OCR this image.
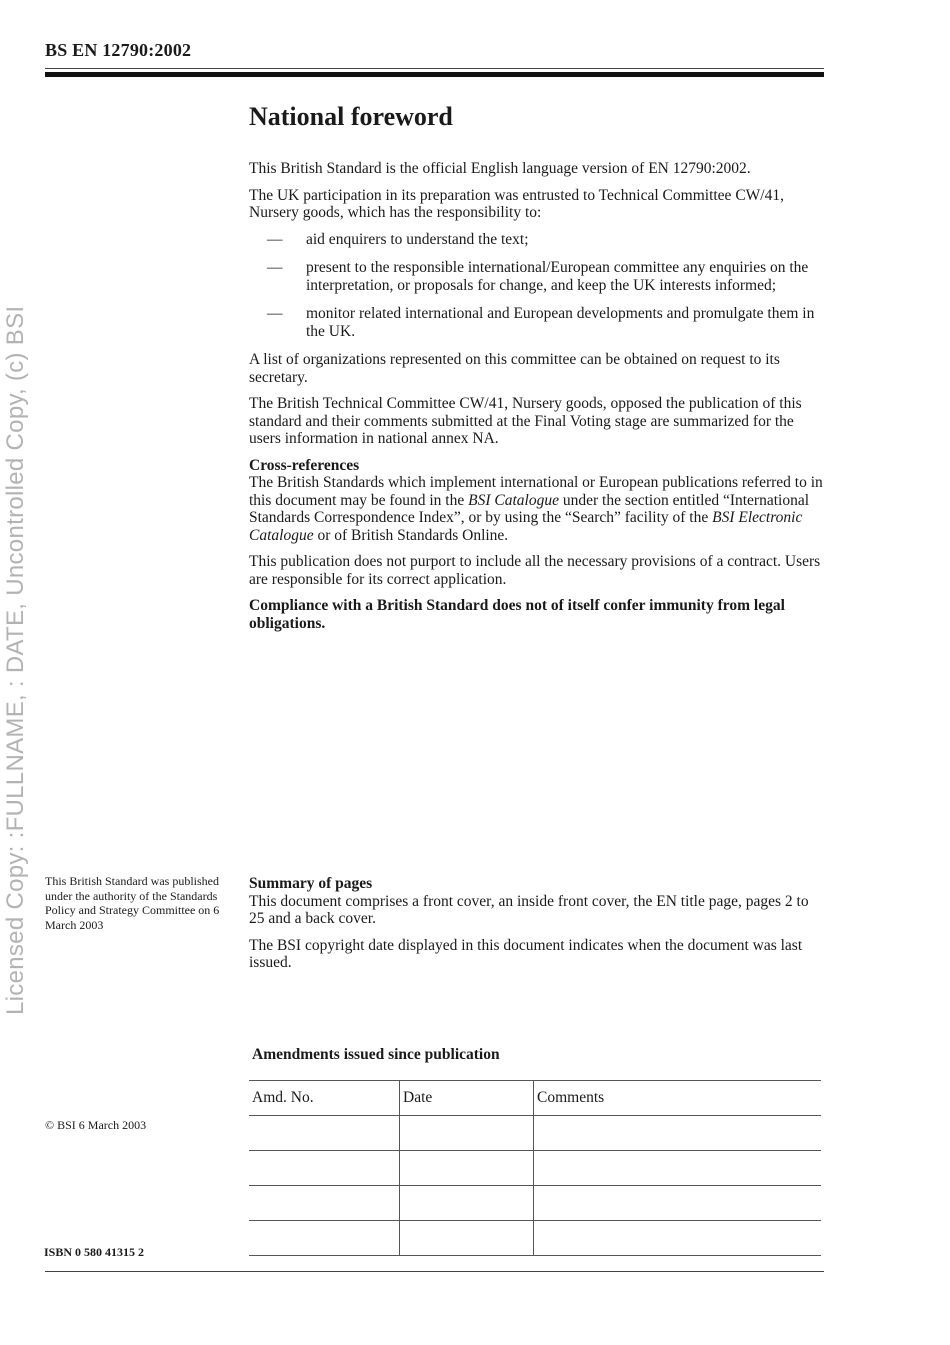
BS EN 12790:2002
Licensed Copy: :FULLNAME, : DATE, Uncontrolled Copy, (c) BSI

National foreword

This British Standard is the official English language version of EN 12790:2002.

The UK participation in its preparation was entrusted to Technical Committee CW/41, Nursery goods, which has the responsibility to:

— aid enquirers to understand the text;
— present to the responsible international/European committee any enquiries on the interpretation, or proposals for change, and keep the UK interests informed;
— monitor related international and European developments and promulgate them in the UK.

A list of organizations represented on this committee can be obtained on request to its secretary.

The British Technical Committee CW/41, Nursery goods, opposed the publication of this standard and their comments submitted at the Final Voting stage are summarized for the users information in national annex NA.

Cross-references

The British Standards which implement international or European publications referred to in this document may be found in the BSI Catalogue under the section entitled “International Standards Correspondence Index”, or by using the “Search” facility of the BSI Electronic Catalogue or of British Standards Online.

This publication does not purport to include all the necessary provisions of a contract. Users are responsible for its correct application.

Compliance with a British Standard does not of itself confer immunity from legal obligations.

This British Standard was published under the authority of the Standards Policy and Strategy Committee on 6 March 2003

Summary of pages

This document comprises a front cover, an inside front cover, the EN title page, pages 2 to 25 and a back cover.

The BSI copyright date displayed in this document indicates when the document was last issued.

Amendments issued since publication
Amd. No.	Date	Comments

© BSI 6 March 2003
ISBN 0 580 41315 2
